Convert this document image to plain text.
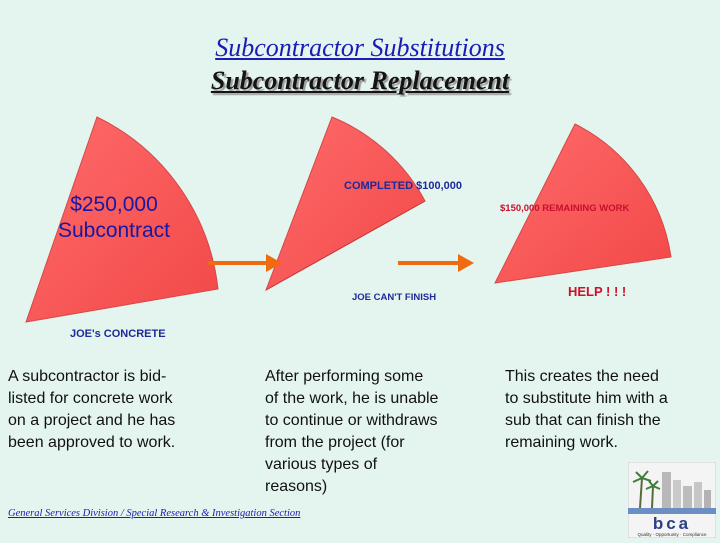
Subcontractor Substitutions
Subcontractor Replacement
$250,000
Subcontract
JOE's CONCRETE
COMPLETED $100,000
JOE CAN'T FINISH
$150,000 REMAINING WORK
HELP ! ! !
A subcontractor is bid-
listed for concrete work
on a project and he has
been approved to work.
After performing some
of the work, he is unable
to continue or withdraws
from the project (for
various types of
reasons)
This creates the need
to substitute him with a
sub that can finish the
remaining work.
General Services Division / Special Research & Investigation Section
bca
Quality · Opportunity · Compliance
